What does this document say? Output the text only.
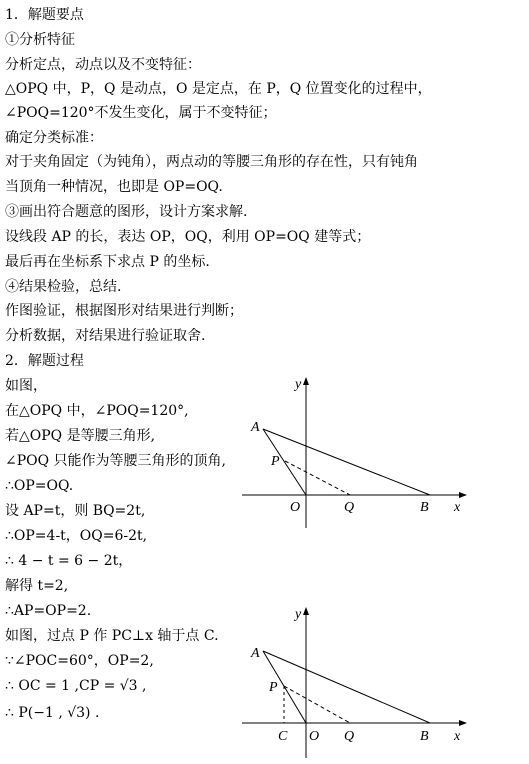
1．解题要点
①分析特征
分析定点，动点以及不变特征：
△OPQ 中，P，Q 是动点，O 是定点，在 P，Q 位置变化的过程中，
∠POQ=120°不发生变化，属于不变特征；
确定分类标准：
对于夹角固定（为钝角），两点动的等腰三角形的存在性，只有钝角
当顶角一种情况，也即是 OP=OQ.
③画出符合题意的图形，设计方案求解.
设线段 AP 的长，表达 OP，OQ，利用 OP=OQ 建等式；
最后再在坐标系下求点 P 的坐标.
④结果检验，总结.
作图验证，根据图形对结果进行判断；
分析数据，对结果进行验证取舍.
2．解题过程
如图，
在△OPQ 中，∠POQ=120°,
若△OPQ 是等腰三角形,
∠POQ 只能作为等腰三角形的顶角,
∴OP=OQ.
设 AP=t，则 BQ=2t,
∴OP=4-t，OQ=6-2t,
∴ 4 − t = 6 − 2t，
解得 t=2,
∴AP=OP=2.
如图，过点 P 作 PC⊥x 轴于点 C.
∵∠POC=60°，OP=2,
∴ OC = 1 ,CP = √3 ,
∴ P(−1 , √3) .
y
x
A
P
O	Q	B
y
x
A
P
C O Q	B
